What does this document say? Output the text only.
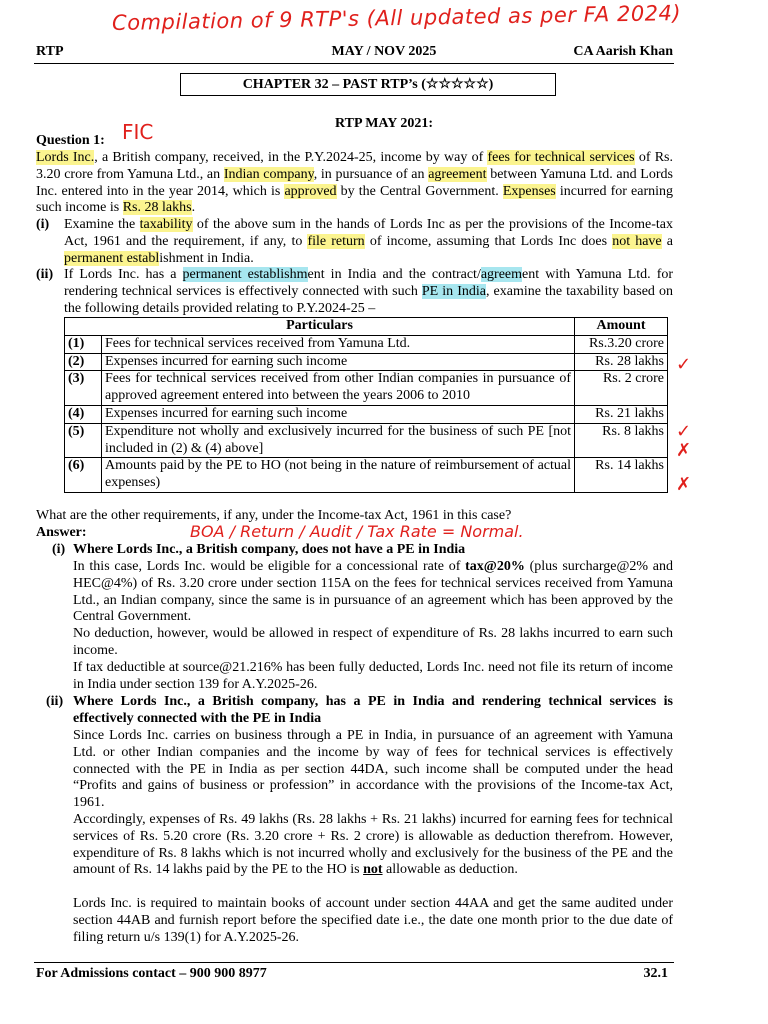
Compilation of 9 RTP's (All updated as per FA 2024)
RTP	MAY / NOV 2025	CA Aarish Khan
CHAPTER 32 – PAST RTP’s (☆☆☆☆☆)
RTP MAY 2021:
Question 1: FIC
Lords Inc., a British company, received, in the P.Y.2024-25, income by way of fees for technical services of Rs. 3.20 crore from Yamuna Ltd., an Indian company, in pursuance of an agreement between Yamuna Ltd. and Lords Inc. entered into in the year 2014, which is approved by the Central Government. Expenses incurred for earning such income is Rs. 28 lakhs.
(i) Examine the taxability of the above sum in the hands of Lords Inc as per the provisions of the Income-tax Act, 1961 and the requirement, if any, to file return of income, assuming that Lords Inc does not have a permanent establishment in India.
(ii) If Lords Inc. has a permanent establishment in India and the contract/agreement with Yamuna Ltd. for rendering technical services is effectively connected with such PE in India, examine the taxability based on the following details provided relating to P.Y.2024-25 –
Particulars		Amount
(1)	Fees for technical services received from Yamuna Ltd.	Rs.3.20 crore
(2)	Expenses incurred for earning such income	Rs. 28 lakhs
(3)	Fees for technical services received from other Indian companies in pursuance of approved agreement entered into between the years 2006 to 2010	Rs. 2 crore
(4)	Expenses incurred for earning such income	Rs. 21 lakhs
(5)	Expenditure not wholly and exclusively incurred for the business of such PE [not included in (2) & (4) above]	Rs. 8 lakhs
(6)	Amounts paid by the PE to HO (not being in the nature of reimbursement of actual expenses)	Rs. 14 lakhs
✓
✓
✗
✗
What are the other requirements, if any, under the Income-tax Act, 1961 in this case?
Answer:	BOA / Return / Audit / Tax Rate = Normal.
(i) Where Lords Inc., a British company, does not have a PE in India
In this case, Lords Inc. would be eligible for a concessional rate of tax@20% (plus surcharge@2% and HEC@4%) of Rs. 3.20 crore under section 115A on the fees for technical services received from Yamuna Ltd., an Indian company, since the same is in pursuance of an agreement which has been approved by the Central Government.
No deduction, however, would be allowed in respect of expenditure of Rs. 28 lakhs incurred to earn such income.
If tax deductible at source@21.216% has been fully deducted, Lords Inc. need not file its return of income in India under section 139 for A.Y.2025-26.
(ii) Where Lords Inc., a British company, has a PE in India and rendering technical services is effectively connected with the PE in India
Since Lords Inc. carries on business through a PE in India, in pursuance of an agreement with Yamuna Ltd. or other Indian companies and the income by way of fees for technical services is effectively connected with the PE in India as per section 44DA, such income shall be computed under the head “Profits and gains of business or profession” in accordance with the provisions of the Income-tax Act, 1961.
Accordingly, expenses of Rs. 49 lakhs (Rs. 28 lakhs + Rs. 21 lakhs) incurred for earning fees for technical services of Rs. 5.20 crore (Rs. 3.20 crore + Rs. 2 crore) is allowable as deduction therefrom. However, expenditure of Rs. 8 lakhs which is not incurred wholly and exclusively for the business of the PE and the amount of Rs. 14 lakhs paid by the PE to the HO is not allowable as deduction.
Lords Inc. is required to maintain books of account under section 44AA and get the same audited under section 44AB and furnish report before the specified date i.e., the date one month prior to the due date of filing return u/s 139(1) for A.Y.2025-26.
For Admissions contact – 900 900 8977	32.1
